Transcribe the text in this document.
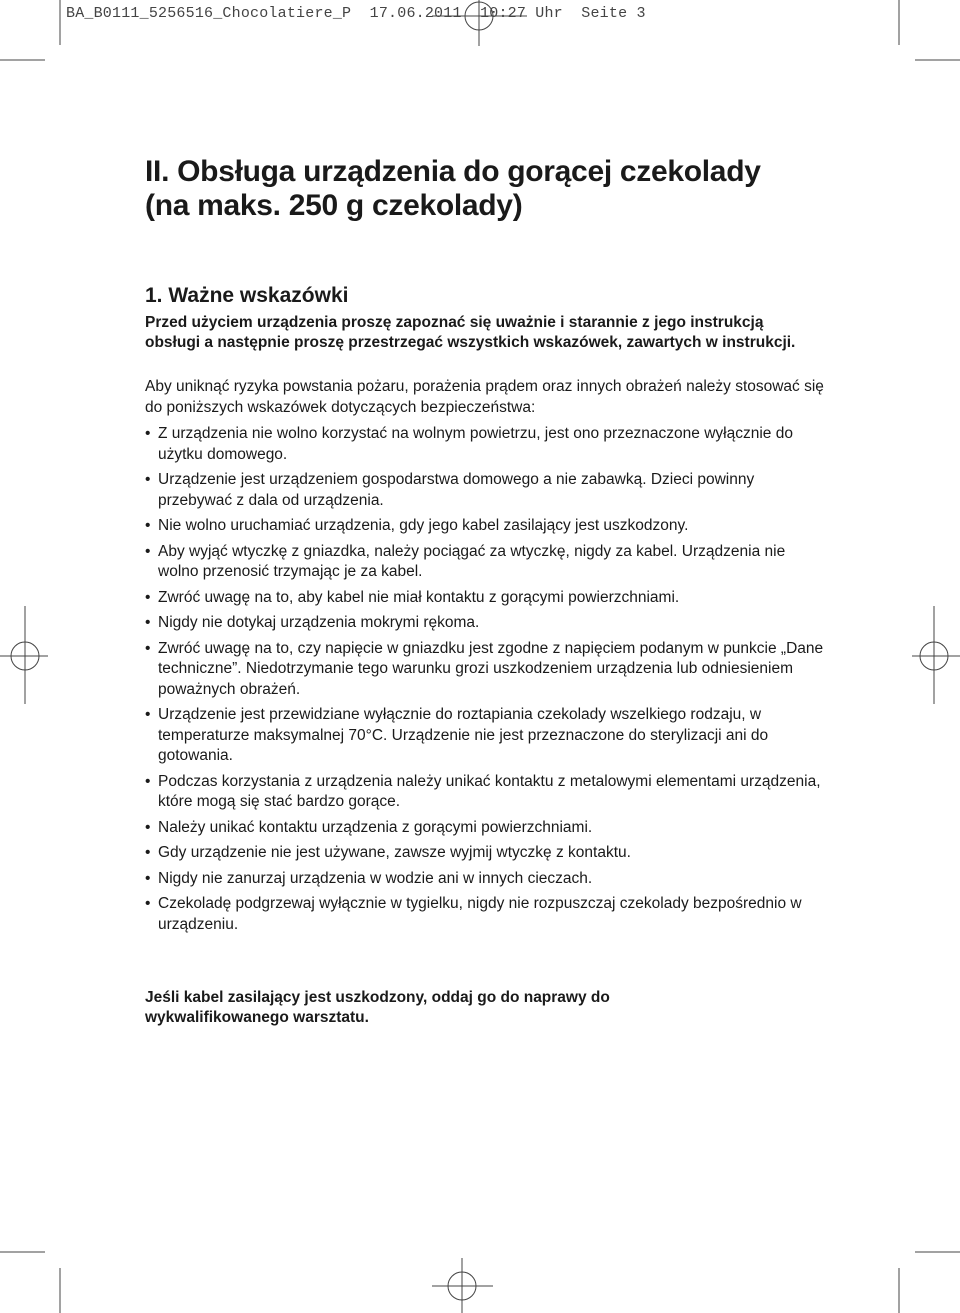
BA_B0111_5256516_Chocolatiere_P  17.06.2011  10:27 Uhr  Seite 3
II. Obsługa urządzenia do gorącej czekolady
(na maks. 250 g czekolady)
1. Ważne wskazówki

Przed użyciem urządzenia proszę zapoznać się uważnie i starannie z jego instrukcją obsługi a następnie proszę przestrzegać wszystkich wskazówek, zawartych w instrukcji.

Aby uniknąć ryzyka powstania pożaru, porażenia prądem oraz innych obrażeń należy stosować się do poniższych wskazówek dotyczących bezpieczeństwa:

• Z urządzenia nie wolno korzystać na wolnym powietrzu, jest ono przeznaczone wyłącznie do użytku domowego.
• Urządzenie jest urządzeniem gospodarstwa domowego a nie zabawką. Dzieci powinny przebywać z dala od urządzenia.
• Nie wolno uruchamiać urządzenia, gdy jego kabel zasilający jest uszkodzony.
• Aby wyjąć wtyczkę z gniazdka, należy pociągać za wtyczkę, nigdy za kabel. Urządzenia nie wolno przenosić trzymając je za kabel.
• Zwróć uwagę na to, aby kabel nie miał kontaktu z gorącymi powierzchniami.
• Nigdy nie dotykaj urządzenia mokrymi rękoma.
• Zwróć uwagę na to, czy napięcie w gniazdku jest zgodne z napięciem podanym w punkcie „Dane techniczne”. Niedotrzymanie tego warunku grozi uszkodzeniem urządzenia lub odniesieniem poważnych obrażeń.
• Urządzenie jest przewidziane wyłącznie do roztapiania czekolady wszelkiego rodzaju, w temperaturze maksymalnej 70°C. Urządzenie nie jest przeznaczone do sterylizacji ani do gotowania.
• Podczas korzystania z urządzenia należy unikać kontaktu z metalowymi elementami urządzenia, które mogą się stać bardzo gorące.
• Należy unikać kontaktu urządzenia z gorącymi powierzchniami.
• Gdy urządzenie nie jest używane, zawsze wyjmij wtyczkę z kontaktu.
• Nigdy nie zanurzaj urządzenia w wodzie ani w innych cieczach.
• Czekoladę podgrzewaj wyłącznie w tygielku, nigdy nie rozpuszczaj czekolady bezpośrednio w urządzeniu.

Jeśli kabel zasilający jest uszkodzony, oddaj go do naprawy do wykwalifikowanego warsztatu.
